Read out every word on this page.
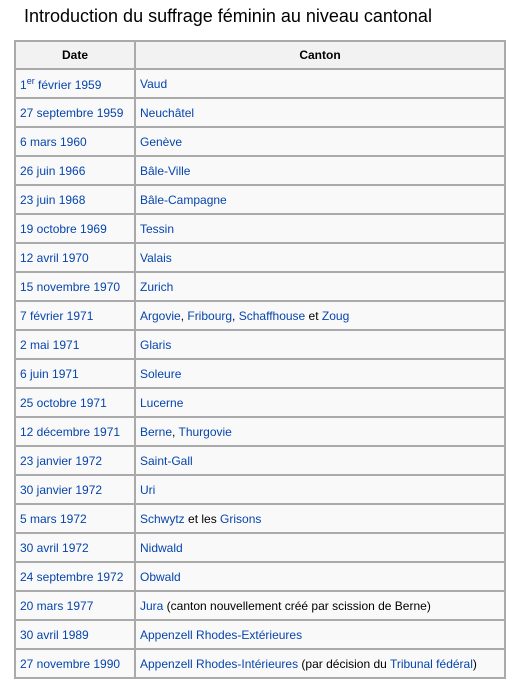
Introduction du suffrage féminin au niveau cantonal
Date	Canton
1er février 1959	Vaud
27 septembre 1959	Neuchâtel
6 mars 1960	Genève
26 juin 1966	Bâle-Ville
23 juin 1968	Bâle-Campagne
19 octobre 1969	Tessin
12 avril 1970	Valais
15 novembre 1970	Zurich
7 février 1971	Argovie, Fribourg, Schaffhouse et Zoug
2 mai 1971	Glaris
6 juin 1971	Soleure
25 octobre 1971	Lucerne
12 décembre 1971	Berne, Thurgovie
23 janvier 1972	Saint-Gall
30 janvier 1972	Uri
5 mars 1972	Schwytz et les Grisons
30 avril 1972	Nidwald
24 septembre 1972	Obwald
20 mars 1977	Jura (canton nouvellement créé par scission de Berne)
30 avril 1989	Appenzell Rhodes-Extérieures
27 novembre 1990	Appenzell Rhodes-Intérieures (par décision du Tribunal fédéral)
